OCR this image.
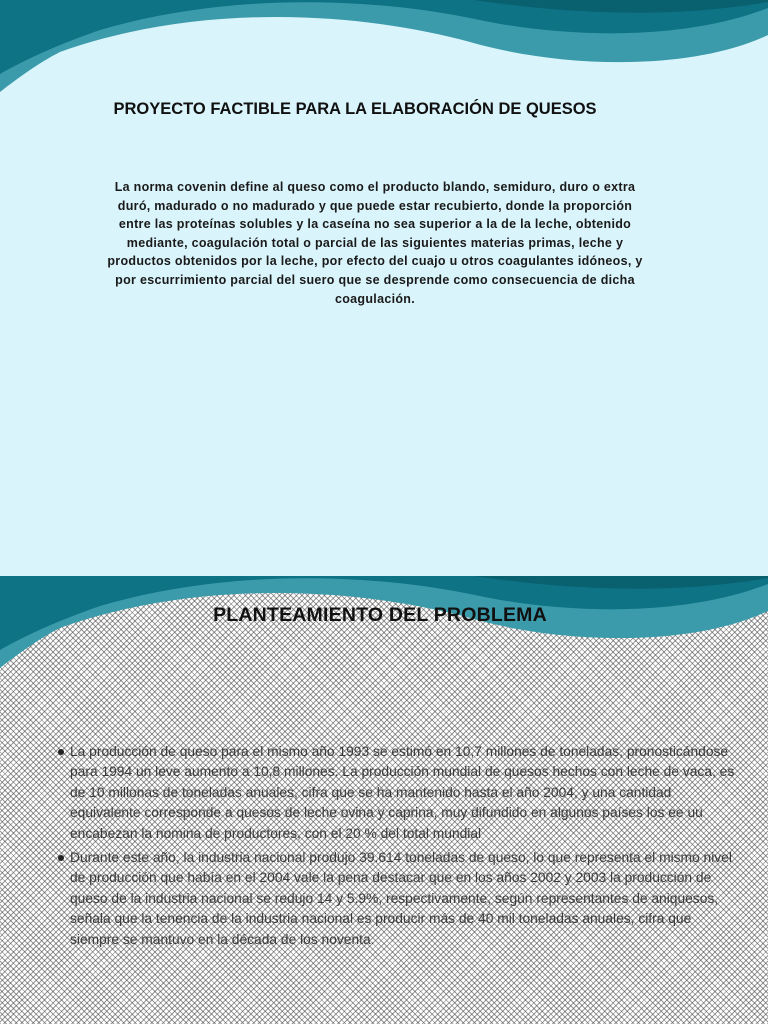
PROYECTO FACTIBLE PARA LA ELABORACIÓN DE QUESOS

La norma covenin define al queso como el producto blando, semiduro, duro o extra duró, madurado o no madurado y que puede estar recubierto, donde la proporción entre las proteínas solubles y la caseína no sea superior a la de la leche, obtenido mediante, coagulación total o parcial de las siguientes materias primas, leche y productos obtenidos por la leche, por efecto del cuajo u otros coagulantes idóneos, y por escurrimiento parcial del suero que se desprende como consecuencia de dicha coagulación.

PLANTEAMIENTO DEL PROBLEMA

La producción de queso para el mismo año 1993 se estimó en 10,7 millones de toneladas, pronosticándose para 1994 un leve aumento a 10,8 millones. La producción mundial de quesos hechos con leche de vaca, es de 10 millonas de toneladas anuales, cifra que se ha mantenido hasta el año 2004, y una cantidad equivalente corresponde a quesos de leche ovina y caprina, muy difundido en algunos países los ee uu encabezan la nomina de productores, con el 20 % del total mundial
Durante este año, la industria nacional produjo 39.614 toneladas de queso, lo que representa el mismo nivel de producción que había en el 2004 vale la pena destacar que en los años 2002 y 2003 la producción de queso de la industria nacional se redujo 14 y 5.9%, respectivamente, según representantes de aniquesos, señala que la tenencia de la industria nacional es producir más de 40 mil toneladas anuales, cifra que siempre se mantuvo en la década de los noventa.
